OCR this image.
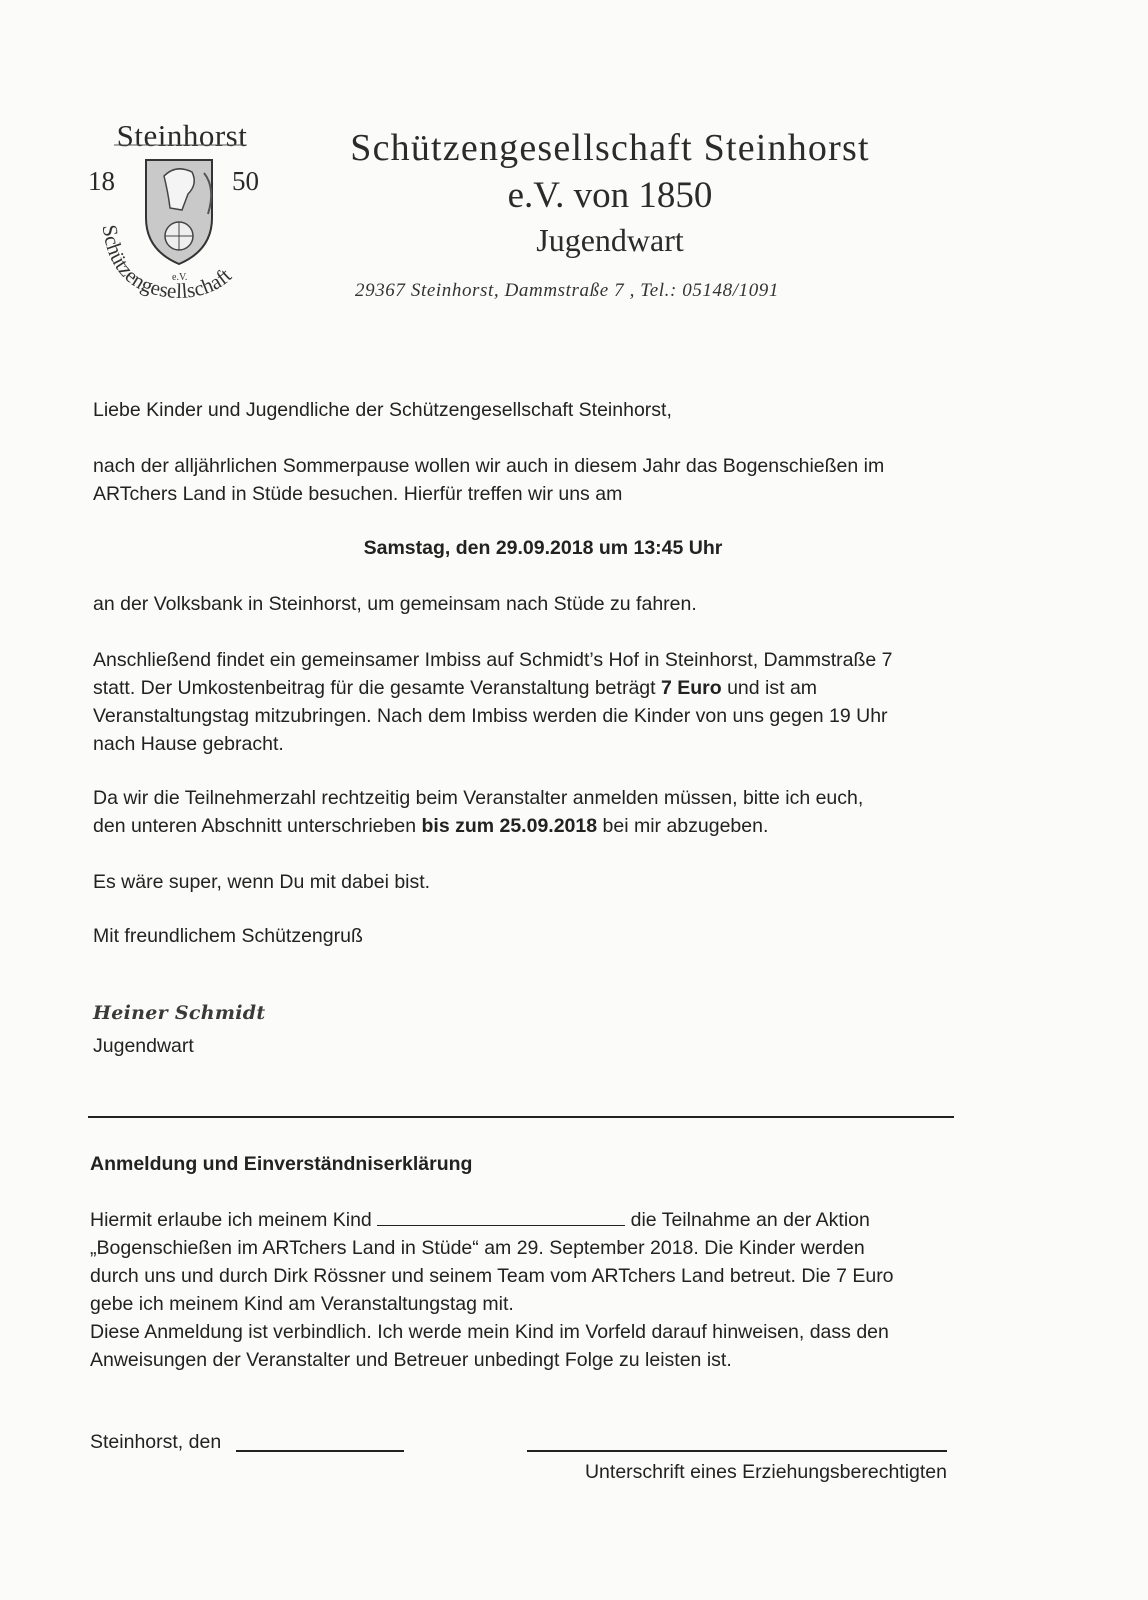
Steinhorst
18	50
Schützengesellschaft
e.V.
Schützengesellschaft Steinhorst
e.V. von 1850
Jugendwart
29367 Steinhorst, Dammstraße 7 , Tel.: 05148/1091
Liebe Kinder und Jugendliche der Schützengesellschaft Steinhorst,
nach der alljährlichen Sommerpause wollen wir auch in diesem Jahr das Bogenschießen im
ARTchers Land in Stüde besuchen. Hierfür treffen wir uns am
Samstag, den 29.09.2018 um 13:45 Uhr
an der Volksbank in Steinhorst, um gemeinsam nach Stüde zu fahren.
Anschließend findet ein gemeinsamer Imbiss auf Schmidt’s Hof in Steinhorst, Dammstraße 7
statt. Der Umkostenbeitrag für die gesamte Veranstaltung beträgt 7 Euro und ist am
Veranstaltungstag mitzubringen. Nach dem Imbiss werden die Kinder von uns gegen 19 Uhr
nach Hause gebracht.
Da wir die Teilnehmerzahl rechtzeitig beim Veranstalter anmelden müssen, bitte ich euch,
den unteren Abschnitt unterschrieben bis zum 25.09.2018 bei mir abzugeben.
Es wäre super, wenn Du mit dabei bist.
Mit freundlichem Schützengruß
Heiner Schmidt
Jugendwart
Anmeldung und Einverständniserklärung
Hiermit erlaube ich meinem Kind	die Teilnahme an der Aktion
„Bogenschießen im ARTchers Land in Stüde“ am 29. September 2018. Die Kinder werden
durch uns und durch Dirk Rössner und seinem Team vom ARTchers Land betreut. Die 7 Euro
gebe ich meinem Kind am Veranstaltungstag mit.
Diese Anmeldung ist verbindlich. Ich werde mein Kind im Vorfeld darauf hinweisen, dass den
Anweisungen der Veranstalter und Betreuer unbedingt Folge zu leisten ist.
Steinhorst, den
Unterschrift eines Erziehungsberechtigten
